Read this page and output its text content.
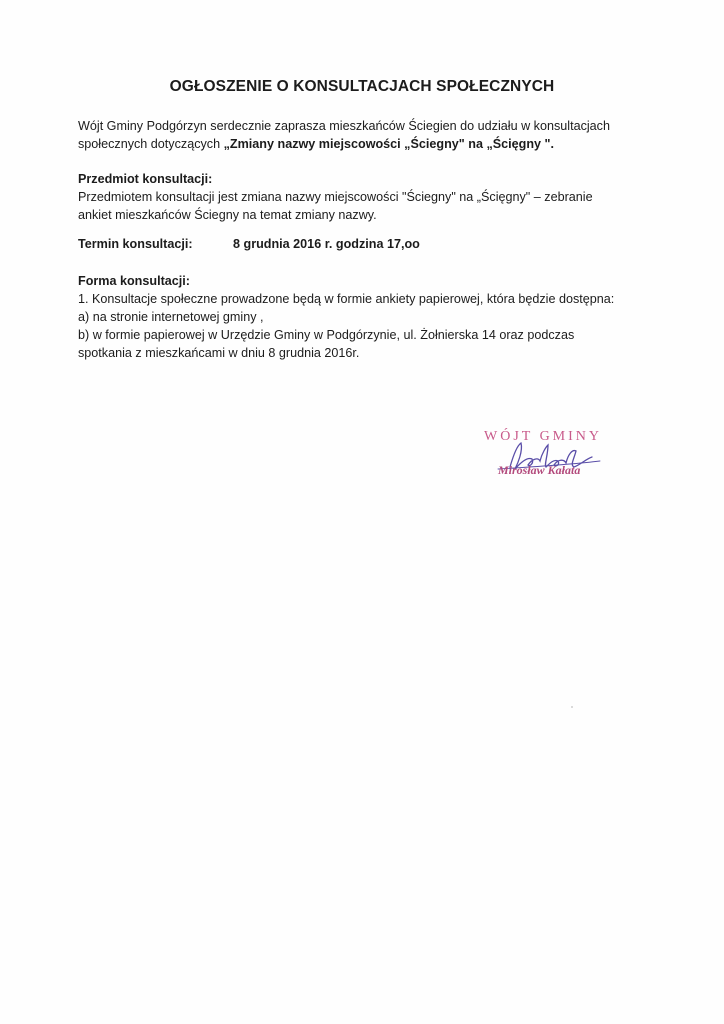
OGŁOSZENIE O KONSULTACJACH SPOŁECZNYCH
Wójt Gminy Podgórzyn serdecznie zaprasza mieszkańców Ściegien do udziału w konsultacjach
społecznych dotyczących „Zmiany nazwy miejscowości „Ściegny" na „Ścięgny ".
Przedmiot konsultacji:
Przedmiotem konsultacji jest zmiana nazwy miejscowości "Ściegny" na „Ścięgny" – zebranie
ankiet mieszkańców Ściegny na temat zmiany nazwy.
Termin konsultacji:	8 grudnia 2016 r. godzina 17,oo
Forma konsultacji:
1. Konsultacje społeczne prowadzone będą w formie ankiety papierowej, która będzie dostępna:
a) na stronie internetowej gminy ,
b) w formie papierowej w Urzędzie Gminy w Podgórzynie, ul. Żołnierska 14 oraz podczas
spotkania z mieszkańcami w dniu 8 grudnia 2016r.
WÓJT GMINY
Mirosław Kałata
